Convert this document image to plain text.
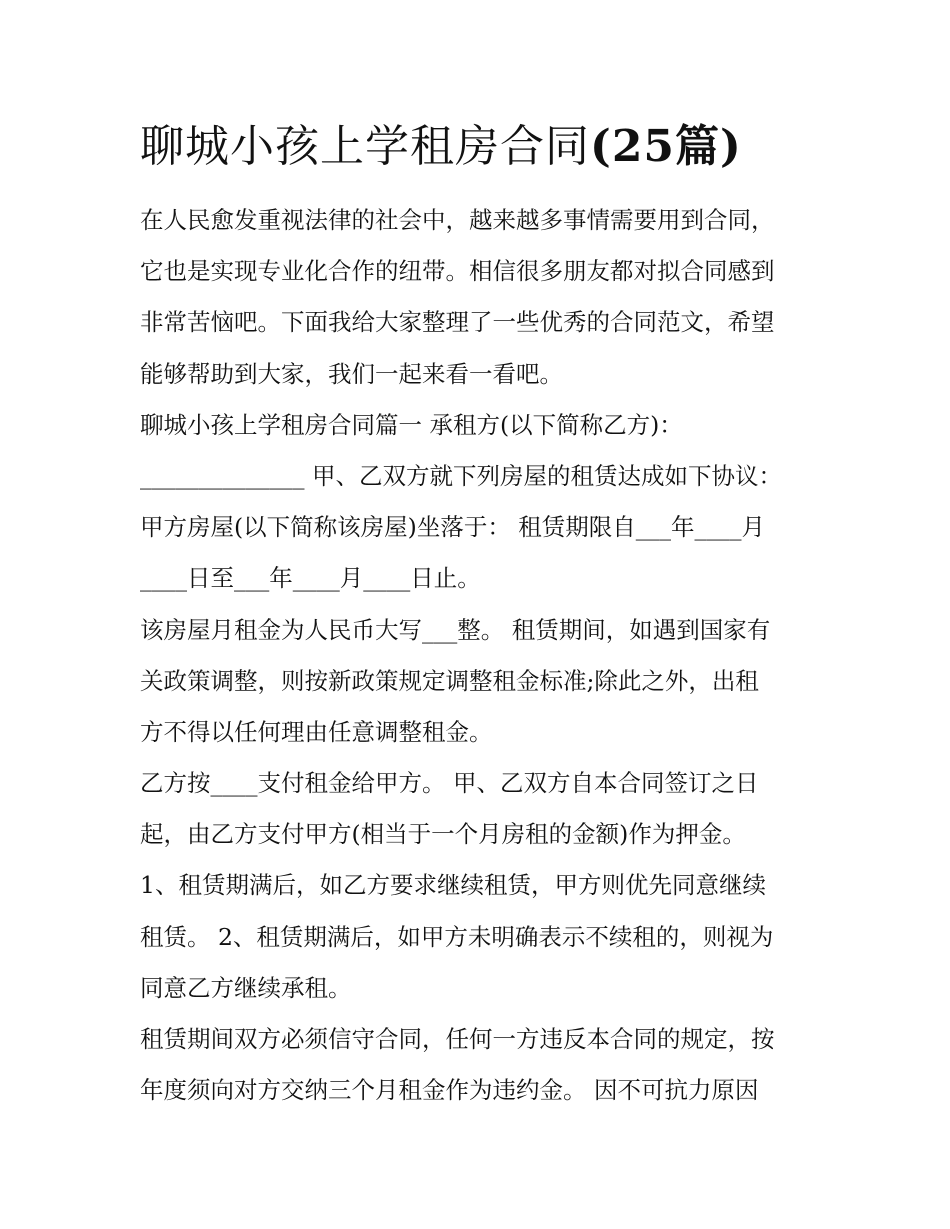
聊城小孩上学租房合同(25篇)
在人民愈发重视法律的社会中，越来越多事情需要用到合同，
它也是实现专业化合作的纽带。相信很多朋友都对拟合同感到
非常苦恼吧。下面我给大家整理了一些优秀的合同范文，希望
能够帮助到大家，我们一起来看一看吧。
聊城小孩上学租房合同篇一 承租方(以下简称乙方)：
______________ 甲、乙双方就下列房屋的租赁达成如下协议：
甲方房屋(以下简称该房屋)坐落于： 租赁期限自___年____月
____日至___年____月____日止。
该房屋月租金为人民币大写___整。 租赁期间，如遇到国家有
关政策调整，则按新政策规定调整租金标准;除此之外，出租
方不得以任何理由任意调整租金。
乙方按____支付租金给甲方。 甲、乙双方自本合同签订之日
起，由乙方支付甲方(相当于一个月房租的金额)作为押金。
1、租赁期满后，如乙方要求继续租赁，甲方则优先同意继续
租赁。 2、租赁期满后，如甲方未明确表示不续租的，则视为
同意乙方继续承租。
租赁期间双方必须信守合同，任何一方违反本合同的规定，按
年度须向对方交纳三个月租金作为违约金。 因不可抗力原因
